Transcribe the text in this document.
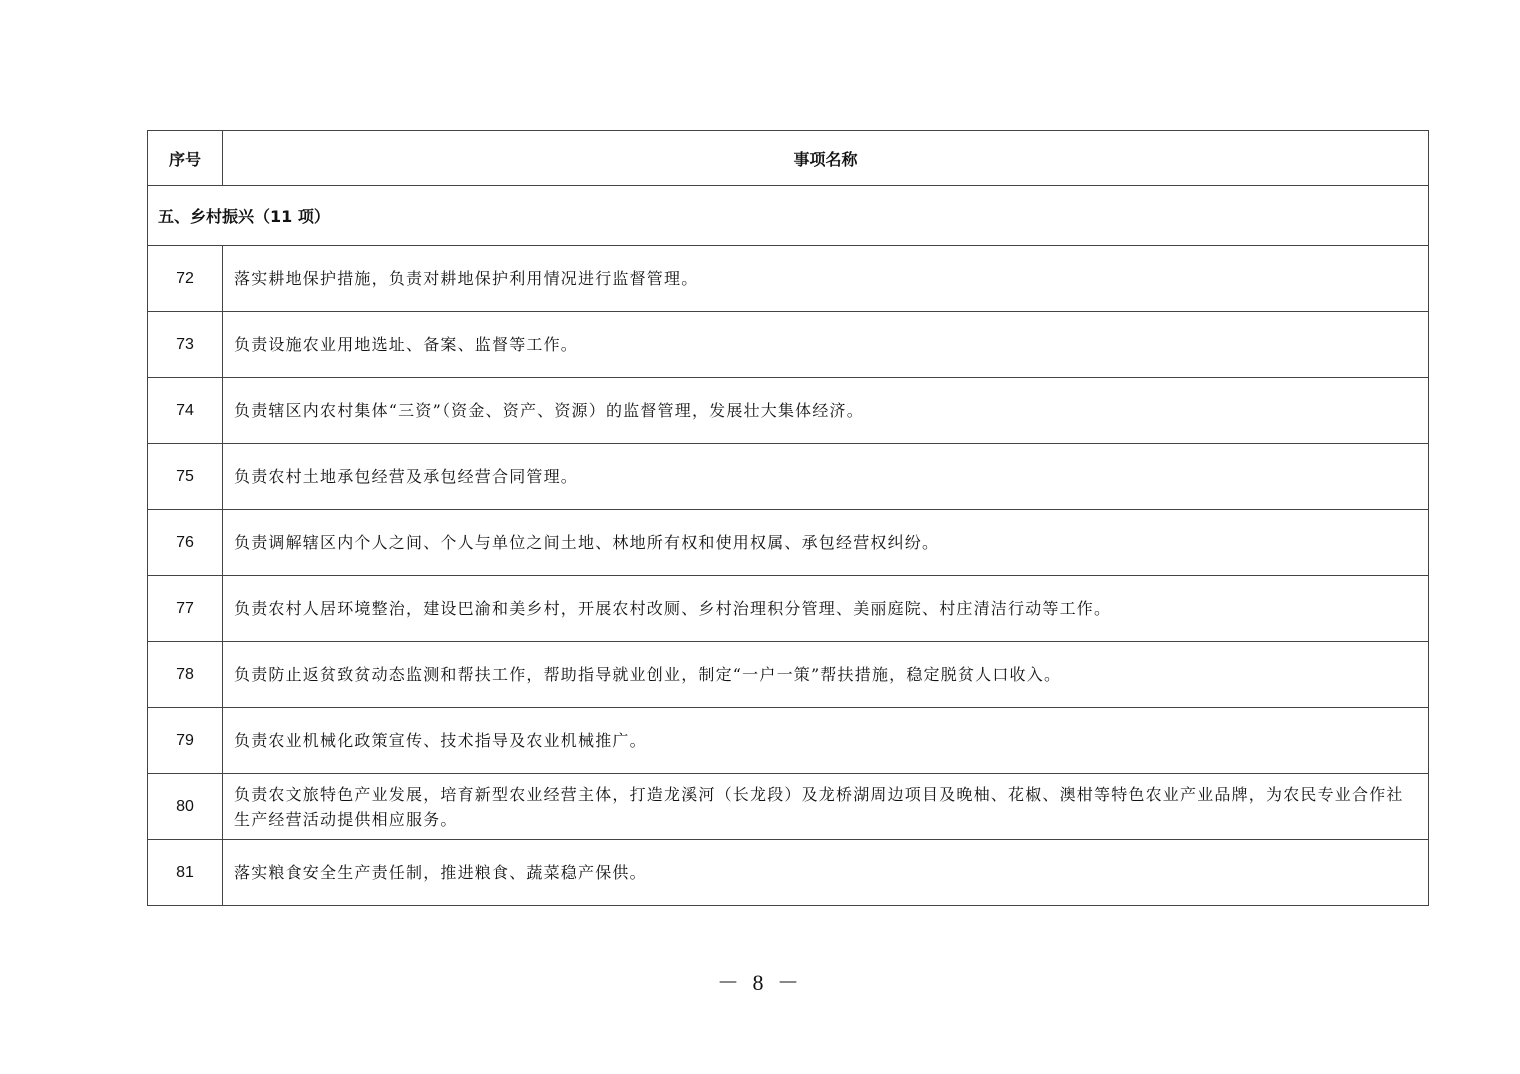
序号	事项名称
五、乡村振兴（11 项）	
72	落实耕地保护措施，负责对耕地保护利用情况进行监督管理。
73	负责设施农业用地选址、备案、监督等工作。
74	负责辖区内农村集体“三资”（资金、资产、资源）的监督管理，发展壮大集体经济。
75	负责农村土地承包经营及承包经营合同管理。
76	负责调解辖区内个人之间、个人与单位之间土地、林地所有权和使用权属、承包经营权纠纷。
77	负责农村人居环境整治，建设巴渝和美乡村，开展农村改厕、乡村治理积分管理、美丽庭院、村庄清洁行动等工作。
78	负责防止返贫致贫动态监测和帮扶工作，帮助指导就业创业，制定“一户一策”帮扶措施，稳定脱贫人口收入。
79	负责农业机械化政策宣传、技术指导及农业机械推广。
80	负责农文旅特色产业发展，培育新型农业经营主体，打造龙溪河（长龙段）及龙桥湖周边项目及晚柚、花椒、澳柑等特色农业产业品牌，为农民专业合作社生产经营活动提供相应服务。
81	落实粮食安全生产责任制，推进粮食、蔬菜稳产保供。
－ 8 －
